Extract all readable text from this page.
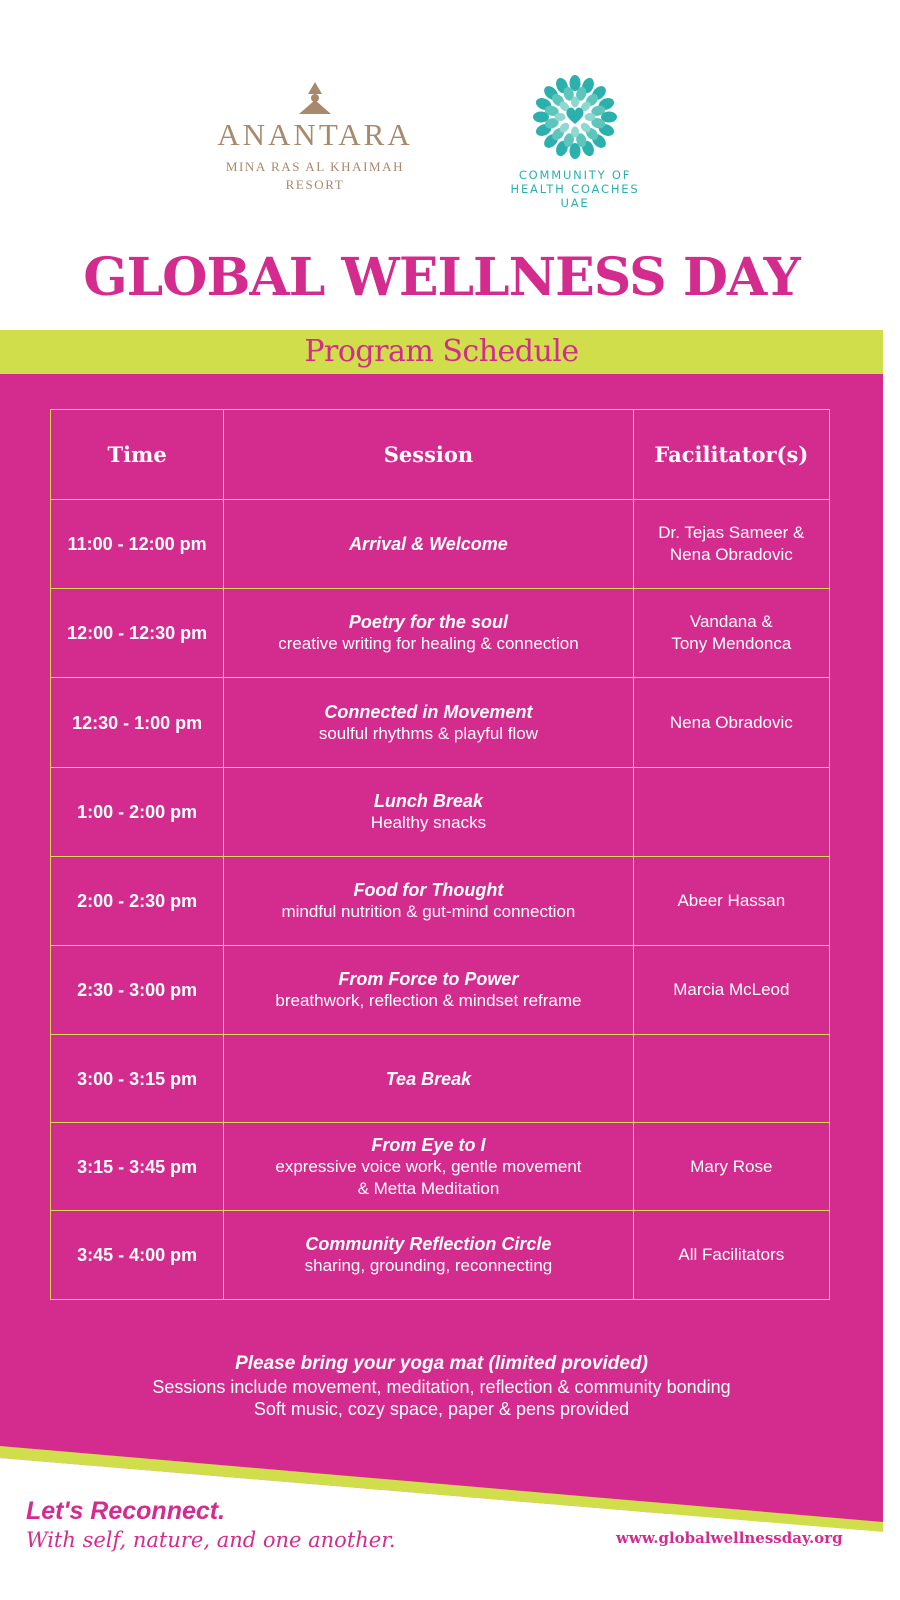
ANANTARA
MINA RAS AL KHAIMAH
RESORT
COMMUNITY OF
HEALTH COACHES
UAE
GLOBAL WELLNESS DAY
Program Schedule
Time	Session	Facilitator(s)
11:00 - 12:00 pm	Arrival & Welcome	Dr. Tejas Sameer &
Nena Obradovic

12:00 - 12:30 pm	Poetry for the soul
creative writing for healing & connection	Vandana &
Tony Mendonca

12:30 - 1:00 pm	Connected in Movement
soulful rhythms & playful flow	Nena Obradovic

1:00 - 2:00 pm	Lunch Break
Healthy snacks	

2:00 - 2:30 pm	Food for Thought
mindful nutrition & gut-mind connection	Abeer Hassan

2:30 - 3:00 pm	From Force to Power
breathwork, reflection & mindset reframe	Marcia McLeod

3:00 - 3:15 pm	Tea Break	

3:15 - 3:45 pm	From Eye to I
expressive voice work, gentle movement
& Metta Meditation	Mary Rose

3:45 - 4:00 pm	Community Reflection Circle
sharing, grounding, reconnecting	All Facilitators
Please bring your yoga mat (limited provided)
Sessions include movement, meditation, reflection & community bonding
Soft music, cozy space, paper & pens provided
Let's Reconnect.
With self, nature, and one another.	www.globalwellnessday.org
